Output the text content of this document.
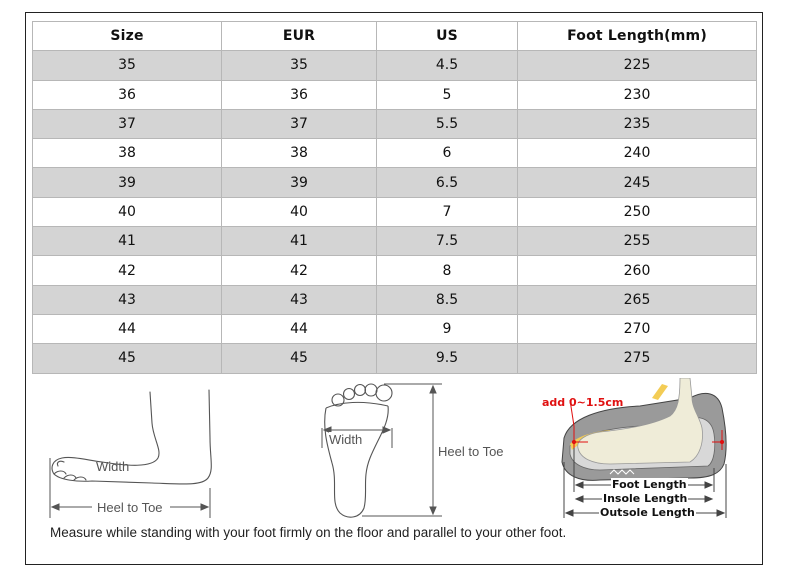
Size	EUR	US	Foot Length(mm)
35	35	4.5	225
36	36	5	230
37	37	5.5	235
38	38	6	240
39	39	6.5	245
40	40	7	250
41	41	7.5	255
42	42	8	260
43	43	8.5	265
44	44	9	270
45	45	9.5	275
Width
Heel to Toe
Width
Heel to Toe
add 0~1.5cm
Foot Length
Insole Length
Outsole Length
Measure while standing with your foot firmly on the floor and parallel to your other foot.
